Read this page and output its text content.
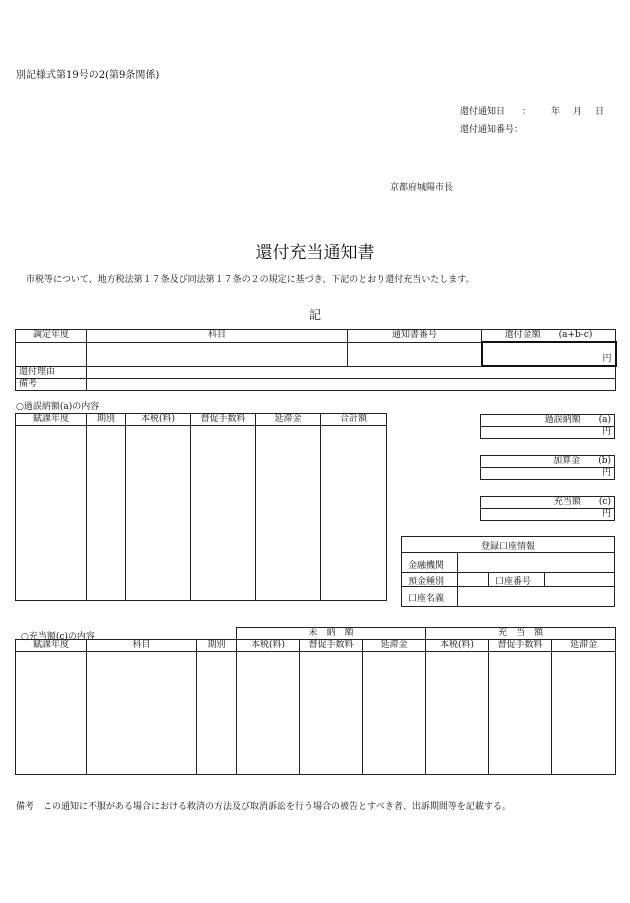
別記様式第19号の2(第9条関係)
還付通知日 ： 年 月 日
還付通知番号：
京都府城陽市長
還付充当通知書
市税等について、地方税法第１７条及び同法第１７条の２の規定に基づき、下記のとおり還付充当いたします。
記
調定年度	科目	通知書番号	還付金額　　 (a+b-c)
			円
還付理由			
備考			
○過誤納額(a)の内容
賦課年度	期別	本税(料)	督促手数料	延滞金	合計額
						過誤納額　　 (a)
円
加算金　　 (b)
円
充当額　　 (c)
円
登録口座情報
金融機関
預金種別	口座番号
口座名義
○充当額(c)の内容
			未　納　額			充　当　額		
賦課年度	科目	期別	本税(料)	督促手数料	延滞金	本税(料)	督促手数料	延滞金

備考　この通知に不服がある場合における救済の方法及び取消訴訟を行う場合の被告とすべき者、出訴期間等を記載する。
